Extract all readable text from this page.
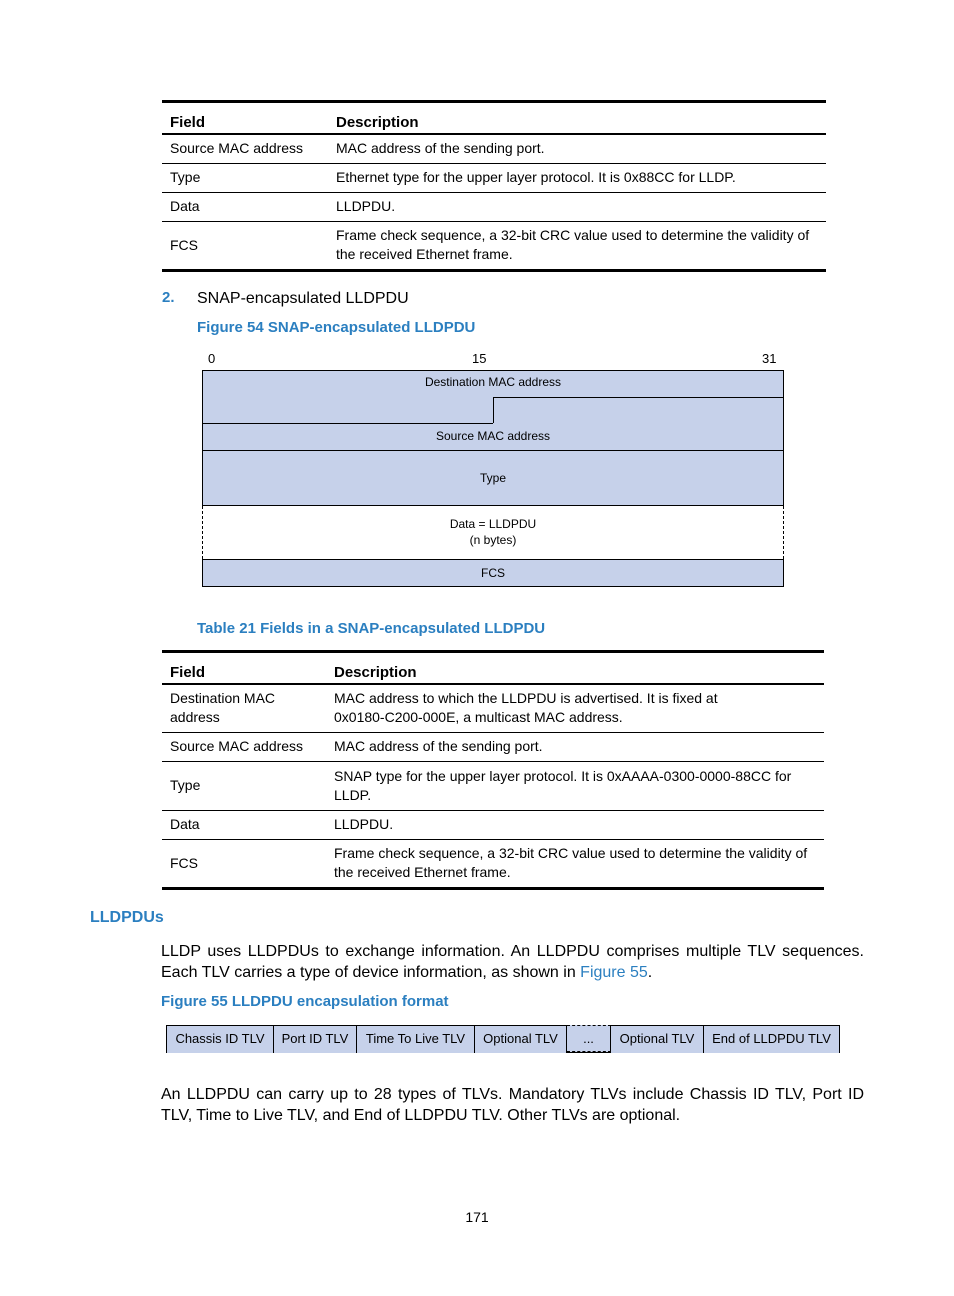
Field	Description
Source MAC address	MAC address of the sending port.
Type	Ethernet type for the upper layer protocol. It is 0x88CC for LLDP.
Data	LLDPDU.
FCS	Frame check sequence, a 32-bit CRC value used to determine the validity of the received Ethernet frame.
2. SNAP-encapsulated LLDPDU
Figure 54 SNAP-encapsulated LLDPDU
0	15	31
Destination MAC address
Source MAC address
Type
Data = LLDPDU
(n bytes)
FCS
Table 21 Fields in a SNAP-encapsulated LLDPDU
Field	Description
Destination MAC address	MAC address to which the LLDPDU is advertised. It is fixed at 0x0180-C200-000E, a multicast MAC address.
Source MAC address	MAC address of the sending port.
Type	SNAP type for the upper layer protocol. It is 0xAAAA-0300-0000-88CC for LLDP.
Data	LLDPDU.
FCS	Frame check sequence, a 32-bit CRC value used to determine the validity of the received Ethernet frame.
LLDPDUs

LLDP uses LLDPDUs to exchange information. An LLDPDU comprises multiple TLV sequences. Each TLV carries a type of device information, as shown in Figure 55.

Figure 55 LLDPDU encapsulation format
Chassis ID TLV	Port ID TLV	Time To Live TLV	Optional TLV	...	Optional TLV	End of LLDPDU TLV

An LLDPDU can carry up to 28 types of TLVs. Mandatory TLVs include Chassis ID TLV, Port ID TLV, Time to Live TLV, and End of LLDPDU TLV. Other TLVs are optional.

171
